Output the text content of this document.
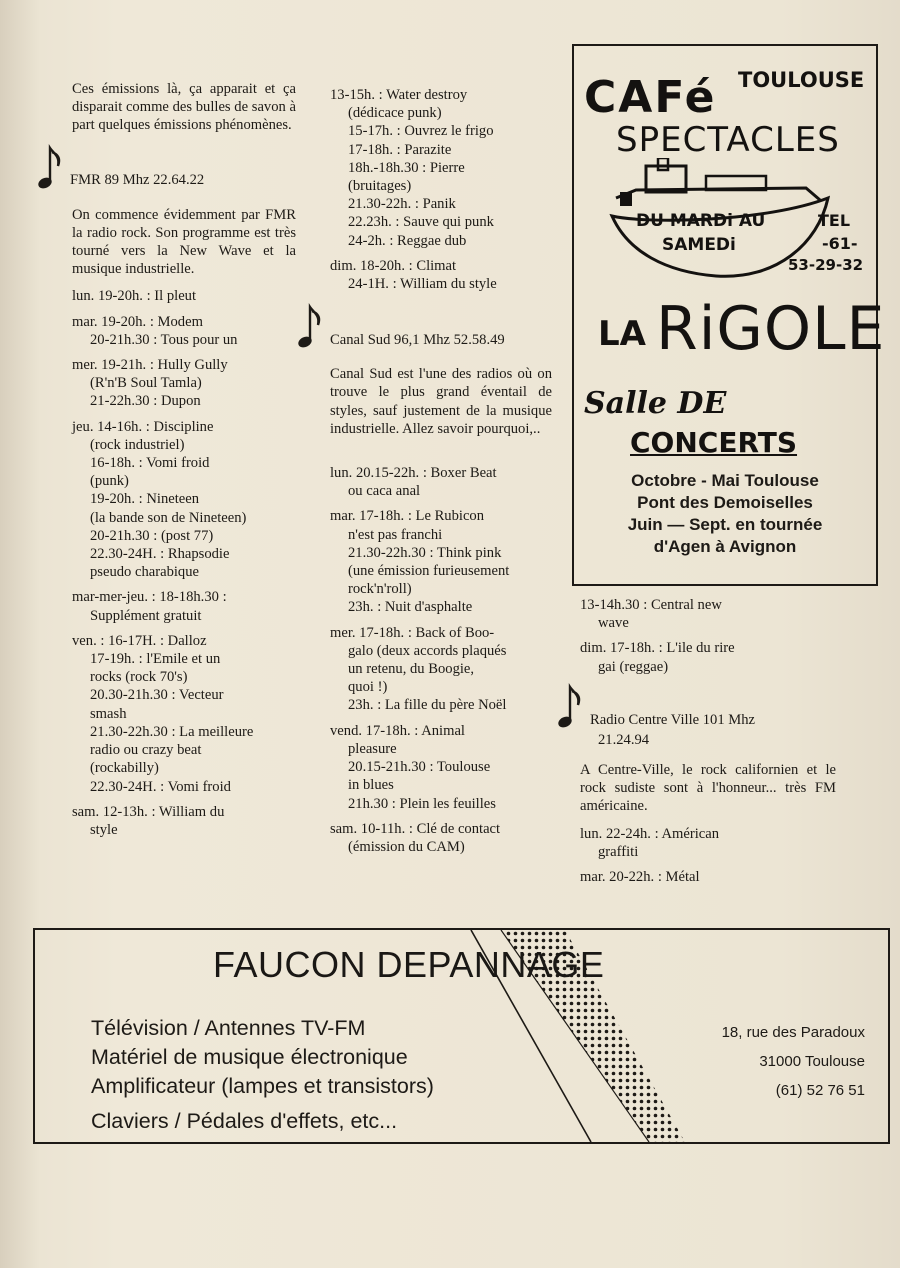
Ces émissions là, ça apparait et ça disparait comme des bulles de savon à part quelques émissions phénomènes.

FMR 89 Mhz 22.64.22

On commence évidemment par FMR la radio rock. Son programme est très tourné vers la New Wave et la musique industrielle.

lun. 19-20h. : Il pleut
mar. 19-20h. : Modem
20-21h.30 : Tous pour un
mer. 19-21h. : Hully Gully
(R'n'B Soul Tamla)
21-22h.30 : Dupon
jeu. 14-16h. : Discipline
(rock industriel)
16-18h. : Vomi froid
(punk)
19-20h. : Nineteen
(la bande son de Nineteen)
20-21h.30 : (post 77)
22.30-24H. : Rhapsodie
pseudo charabique
mar-mer-jeu. : 18-18h.30 :
Supplément gratuit
ven. : 16-17H. : Dalloz
17-19h. : l'Emile et un
rocks (rock 70's)
20.30-21h.30 : Vecteur
smash
21.30-22h.30 : La meilleure
radio ou crazy beat
(rockabilly)
22.30-24H. : Vomi froid
sam. 12-13h. : William du
style
13-15h. : Water destroy
(dédicace punk)
15-17h. : Ouvrez le frigo
17-18h. : Parazite
18h.-18h.30 : Pierre
(bruitages)
21.30-22h. : Panik
22.23h. : Sauve qui punk
24-2h. : Reggae dub
dim. 18-20h. : Climat
24-1H. : William du style
Canal Sud 96,1 Mhz 52.58.49

Canal Sud est l'une des radios où on trouve le plus grand éventail de styles, sauf justement de la musique industrielle. Allez savoir pourquoi,..

lun. 20.15-22h. : Boxer Beat
ou caca anal
mar. 17-18h. : Le Rubicon
n'est pas franchi
21.30-22h.30 : Think pink
(une émission furieusement
rock'n'roll)
23h. : Nuit d'asphalte
mer. 17-18h. : Back of Boo-
galo (deux accords plaqués
un retenu, du Boogie,
quoi !)
23h. : La fille du père Noël
vend. 17-18h. : Animal
pleasure
20.15-21h.30 : Toulouse
in blues
21h.30 : Plein les feuilles
sam. 10-11h. : Clé de contact
(émission du CAM)
13-14h.30 : Central new
wave
dim. 17-18h. : L'ile du rire
gai (reggae)
Radio Centre Ville 101 Mhz

21.24.94

A Centre-Ville, le rock californien et le rock sudiste sont à l'honneur... très FM américaine.

lun. 22-24h. : Américan
graffiti
mar. 20-22h. : Métal
CAFé TOULOUSE
SPECTACLES
DU MARDi AU
SAMEDi
TEL
-61-
53-29-32
LA RiGOLE
Salle DE
CONCERTS
Octobre - Mai Toulouse
Pont des Demoiselles
Juin — Sept. en tournée
d'Agen à Avignon
FAUCON DEPANNAGE
Télévision / Antennes TV-FM
Matériel de musique électronique
Amplificateur (lampes et transistors)
Claviers / Pédales d'effets, etc...
18, rue des Paradoux
31000 Toulouse
(61) 52 76 51
